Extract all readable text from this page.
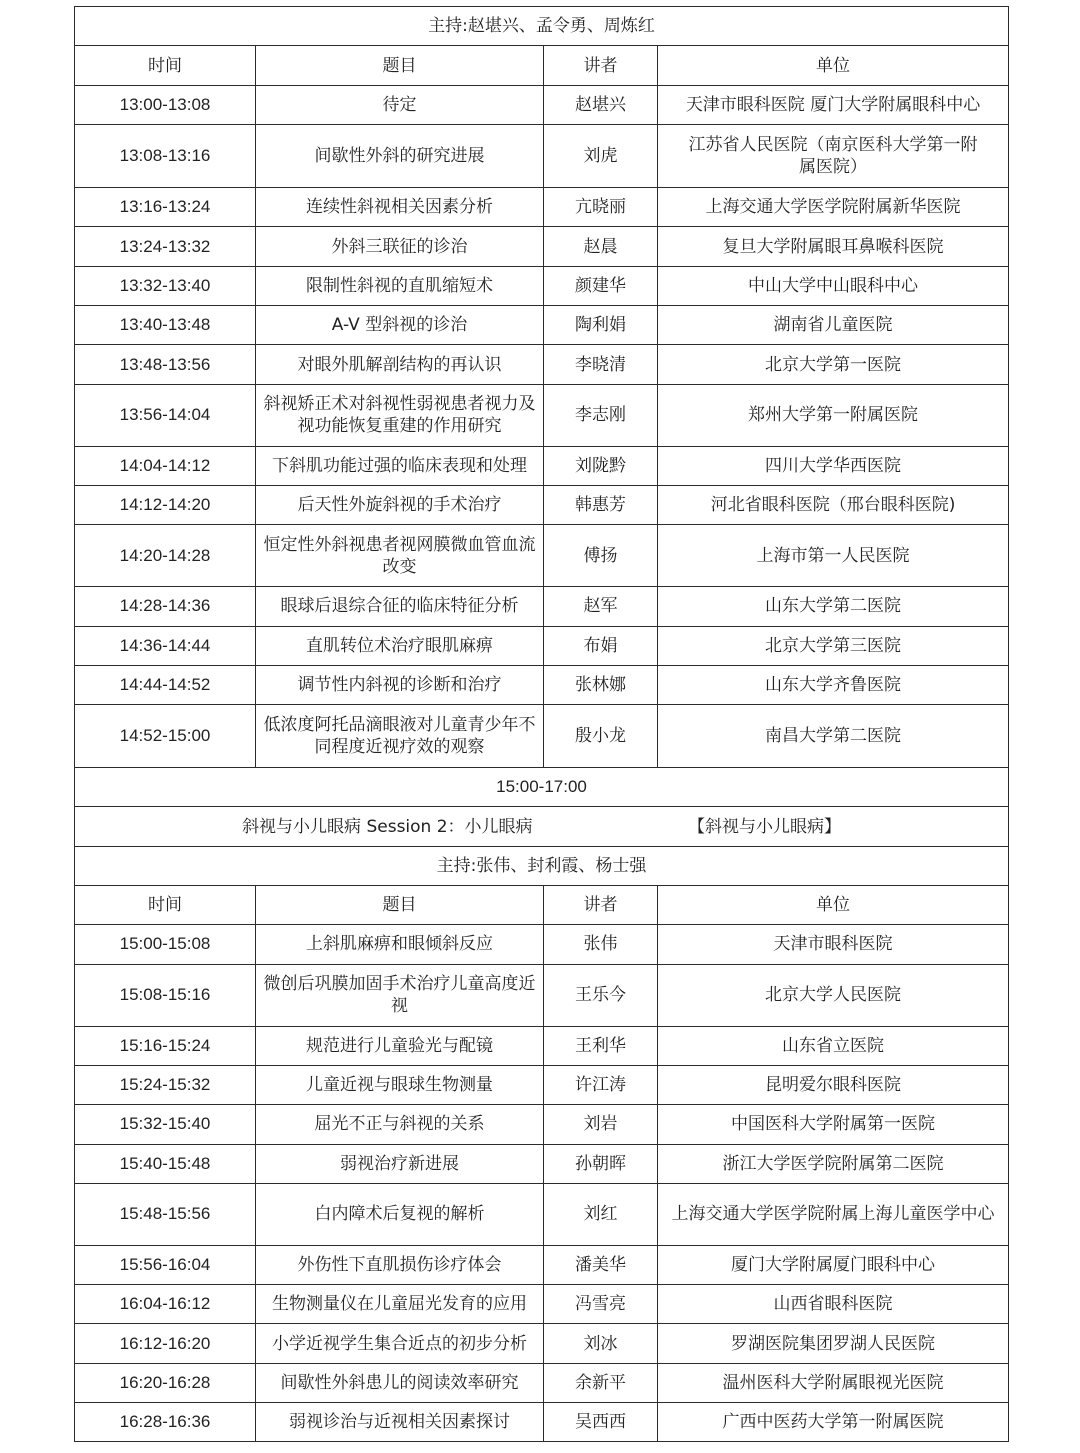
主持:赵堪兴、孟令勇、周炼红			
时间	题目	讲者	单位
13:00-13:08	待定	赵堪兴	天津市眼科医院 厦门大学附属眼科中心
13:08-13:16	间歇性外斜的研究进展	刘虎	江苏省人民医院（南京医科大学第一附属医院）
13:16-13:24	连续性斜视相关因素分析	亢晓丽	上海交通大学医学院附属新华医院
13:24-13:32	外斜三联征的诊治	赵晨	复旦大学附属眼耳鼻喉科医院
13:32-13:40	限制性斜视的直肌缩短术	颜建华	中山大学中山眼科中心
13:40-13:48	A-V 型斜视的诊治	陶利娟	湖南省儿童医院
13:48-13:56	对眼外肌解剖结构的再认识	李晓清	北京大学第一医院
13:56-14:04	斜视矫正术对斜视性弱视患者视力及视功能恢复重建的作用研究	李志刚	郑州大学第一附属医院
14:04-14:12	下斜肌功能过强的临床表现和处理	刘陇黔	四川大学华西医院
14:12-14:20	后天性外旋斜视的手术治疗	韩惠芳	河北省眼科医院（邢台眼科医院)
14:20-14:28	恒定性外斜视患者视网膜微血管血流改变	傅扬	上海市第一人民医院
14:28-14:36	眼球后退综合征的临床特征分析	赵军	山东大学第二医院
14:36-14:44	直肌转位术治疗眼肌麻痹	布娟	北京大学第三医院
14:44-14:52	调节性内斜视的诊断和治疗	张林娜	山东大学齐鲁医院
14:52-15:00	低浓度阿托品滴眼液对儿童青少年不同程度近视疗效的观察	殷小龙	南昌大学第二医院
15:00-17:00			
斜视与小儿眼病 Session 2：小儿眼病 【斜视与小儿眼病】			
主持:张伟、封利霞、杨士强			
时间	题目	讲者	单位
15:00-15:08	上斜肌麻痹和眼倾斜反应	张伟	天津市眼科医院
15:08-15:16	微创后巩膜加固手术治疗儿童高度近视	王乐今	北京大学人民医院
15:16-15:24	规范进行儿童验光与配镜	王利华	山东省立医院
15:24-15:32	儿童近视与眼球生物测量	许江涛	昆明爱尔眼科医院
15:32-15:40	屈光不正与斜视的关系	刘岩	中国医科大学附属第一医院
15:40-15:48	弱视治疗新进展	孙朝晖	浙江大学医学院附属第二医院
15:48-15:56	白内障术后复视的解析	刘红	上海交通大学医学院附属上海儿童医学中心
15:56-16:04	外伤性下直肌损伤诊疗体会	潘美华	厦门大学附属厦门眼科中心
16:04-16:12	生物测量仪在儿童屈光发育的应用	冯雪亮	山西省眼科医院
16:12-16:20	小学近视学生集合近点的初步分析	刘冰	罗湖医院集团罗湖人民医院
16:20-16:28	间歇性外斜患儿的阅读效率研究	余新平	温州医科大学附属眼视光医院
16:28-16:36	弱视诊治与近视相关因素探讨	吴西西	广西中医药大学第一附属医院
